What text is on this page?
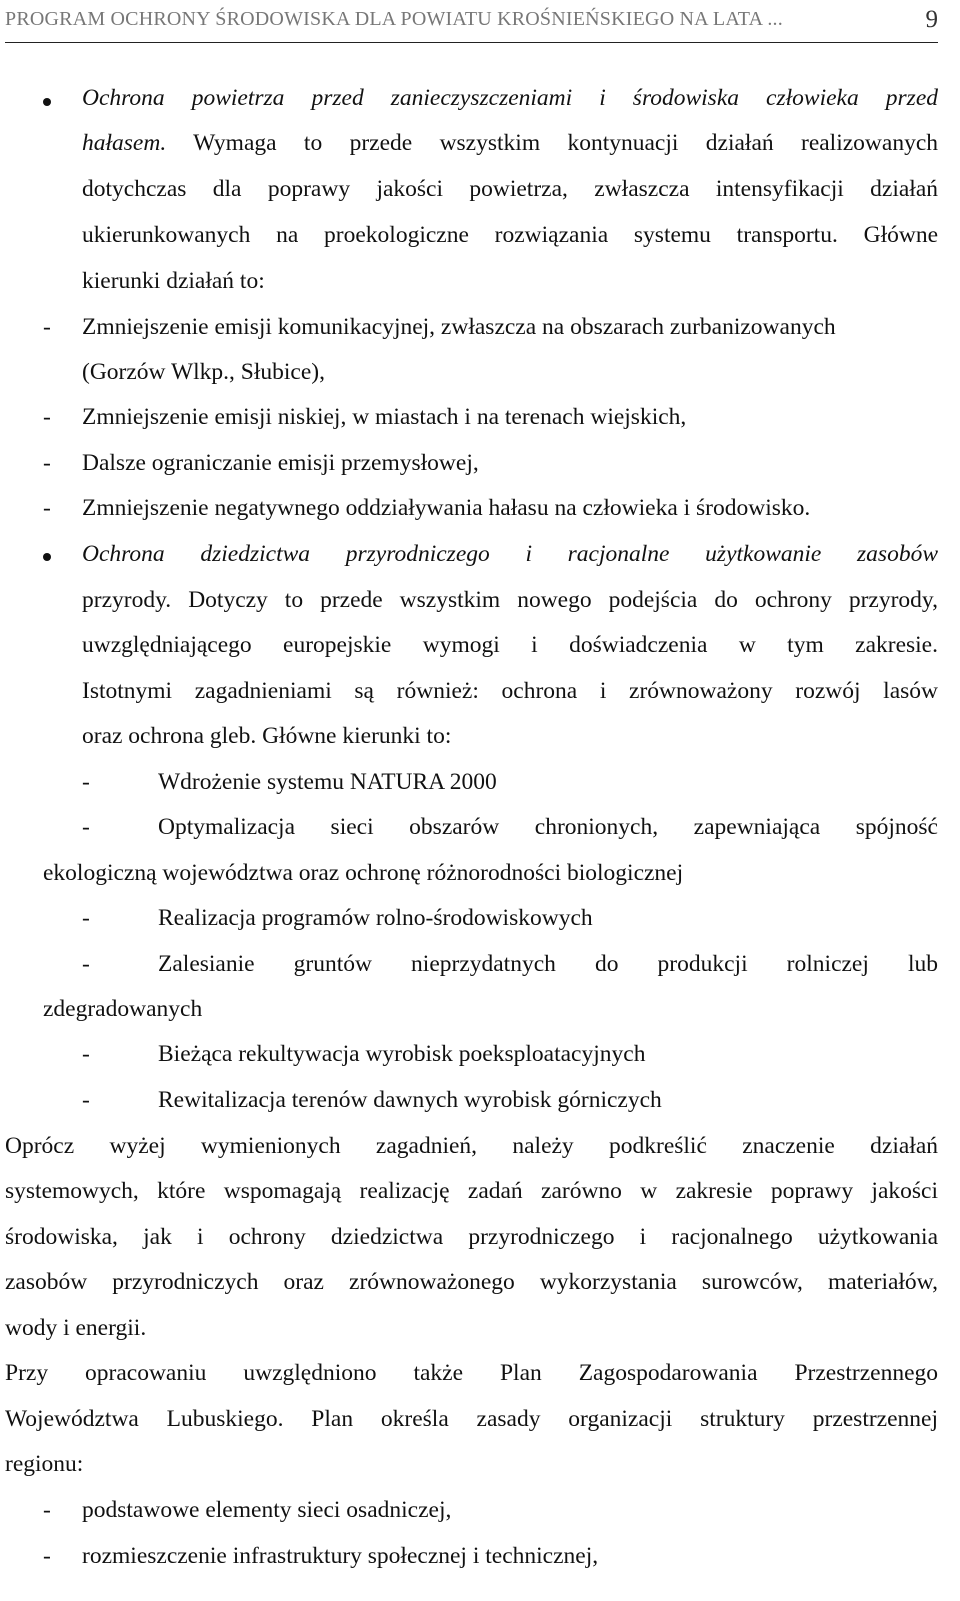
PROGRAM OCHRONY ŚRODOWISKA DLA POWIATU KROŚNIEŃSKIEGO NA LATA ...	9
Ochrona powietrza przed zanieczyszczeniami i środowiska człowieka przed
hałasem. Wymaga to przede wszystkim kontynuacji działań realizowanych
dotychczas dla poprawy jakości powietrza, zwłaszcza intensyfikacji działań
ukierunkowanych na proekologiczne rozwiązania systemu transportu. Główne
kierunki działań to:
- Zmniejszenie emisji komunikacyjnej, zwłaszcza na obszarach zurbanizowanych
(Gorzów Wlkp., Słubice),
- Zmniejszenie emisji niskiej, w miastach i na terenach wiejskich,
- Dalsze ograniczanie emisji przemysłowej,
- Zmniejszenie negatywnego oddziaływania hałasu na człowieka i środowisko.
Ochrona dziedzictwa przyrodniczego i racjonalne użytkowanie zasobów
przyrody. Dotyczy to przede wszystkim nowego podejścia do ochrony przyrody,
uwzględniającego europejskie wymogi i doświadczenia w tym zakresie.
Istotnymi zagadnieniami są również: ochrona i zrównoważony rozwój lasów
oraz ochrona gleb. Główne kierunki to:
-	Wdrożenie systemu NATURA 2000
-	Optymalizacja sieci obszarów chronionych, zapewniająca spójność
ekologiczną województwa oraz ochronę różnorodności biologicznej
-	Realizacja programów rolno-środowiskowych
-	Zalesianie gruntów nieprzydatnych do produkcji rolniczej lub
zdegradowanych
-	Bieżąca rekultywacja wyrobisk poeksploatacyjnych
-	Rewitalizacja terenów dawnych wyrobisk górniczych
Oprócz wyżej wymienionych zagadnień, należy podkreślić znaczenie działań
systemowych, które wspomagają realizację zadań zarówno w zakresie poprawy jakości
środowiska, jak i ochrony dziedzictwa przyrodniczego i racjonalnego użytkowania
zasobów przyrodniczych oraz zrównoważonego wykorzystania surowców, materiałów,
wody i energii.
Przy opracowaniu uwzględniono także Plan Zagospodarowania Przestrzennego
Województwa Lubuskiego. Plan określa zasady organizacji struktury przestrzennej
regionu:
- podstawowe elementy sieci osadniczej,
- rozmieszczenie infrastruktury społecznej i technicznej,
